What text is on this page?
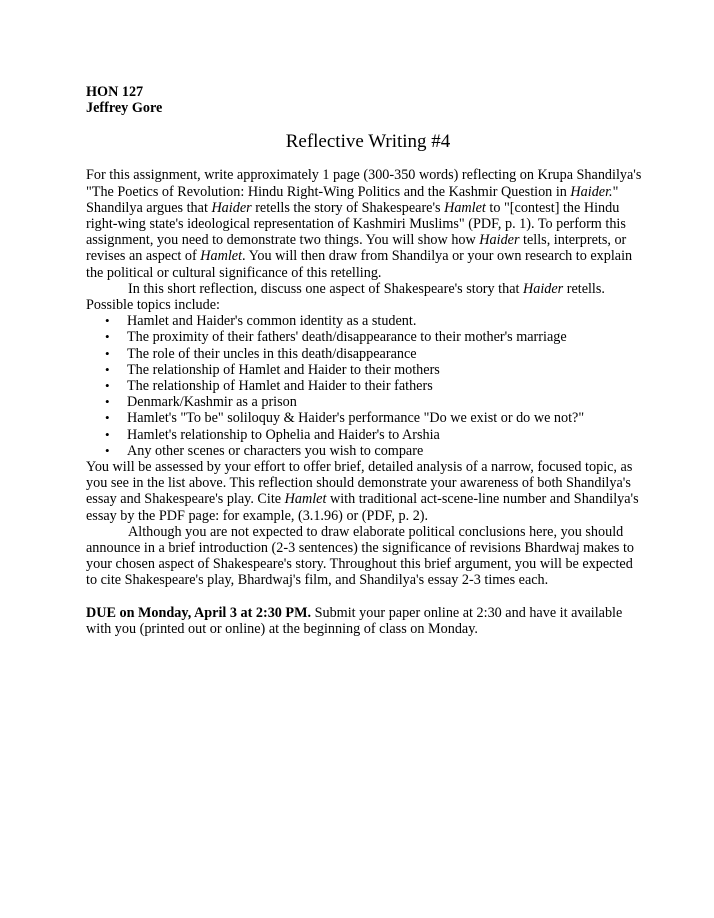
HON 127
Jeffrey Gore
Reflective Writing #4

For this assignment, write approximately 1 page (300-350 words) reflecting on Krupa Shandilya's "The Poetics of Revolution: Hindu Right-Wing Politics and the Kashmir Question in Haider." Shandilya argues that Haider retells the story of Shakespeare's Hamlet to "[contest] the Hindu right-wing state's ideological representation of Kashmiri Muslims" (PDF, p. 1). To perform this assignment, you need to demonstrate two things. You will show how Haider tells, interprets, or revises an aspect of Hamlet. You will then draw from Shandilya or your own research to explain the political or cultural significance of this retelling.

In this short reflection, discuss one aspect of Shakespeare's story that Haider retells. Possible topics include:

• Hamlet and Haider's common identity as a student.
• The proximity of their fathers' death/disappearance to their mother's marriage
• The role of their uncles in this death/disappearance
• The relationship of Hamlet and Haider to their mothers
• The relationship of Hamlet and Haider to their fathers
• Denmark/Kashmir as a prison
• Hamlet's "To be" soliloquy & Haider's performance "Do we exist or do we not?"
• Hamlet's relationship to Ophelia and Haider's to Arshia
• Any other scenes or characters you wish to compare

You will be assessed by your effort to offer brief, detailed analysis of a narrow, focused topic, as you see in the list above. This reflection should demonstrate your awareness of both Shandilya's essay and Shakespeare's play. Cite Hamlet with traditional act-scene-line number and Shandilya's essay by the PDF page: for example, (3.1.96) or (PDF, p. 2).

Although you are not expected to draw elaborate political conclusions here, you should announce in a brief introduction (2-3 sentences) the significance of revisions Bhardwaj makes to your chosen aspect of Shakespeare's story. Throughout this brief argument, you will be expected to cite Shakespeare's play, Bhardwaj's film, and Shandilya's essay 2-3 times each.

DUE on Monday, April 3 at 2:30 PM. Submit your paper online at 2:30 and have it available with you (printed out or online) at the beginning of class on Monday.
